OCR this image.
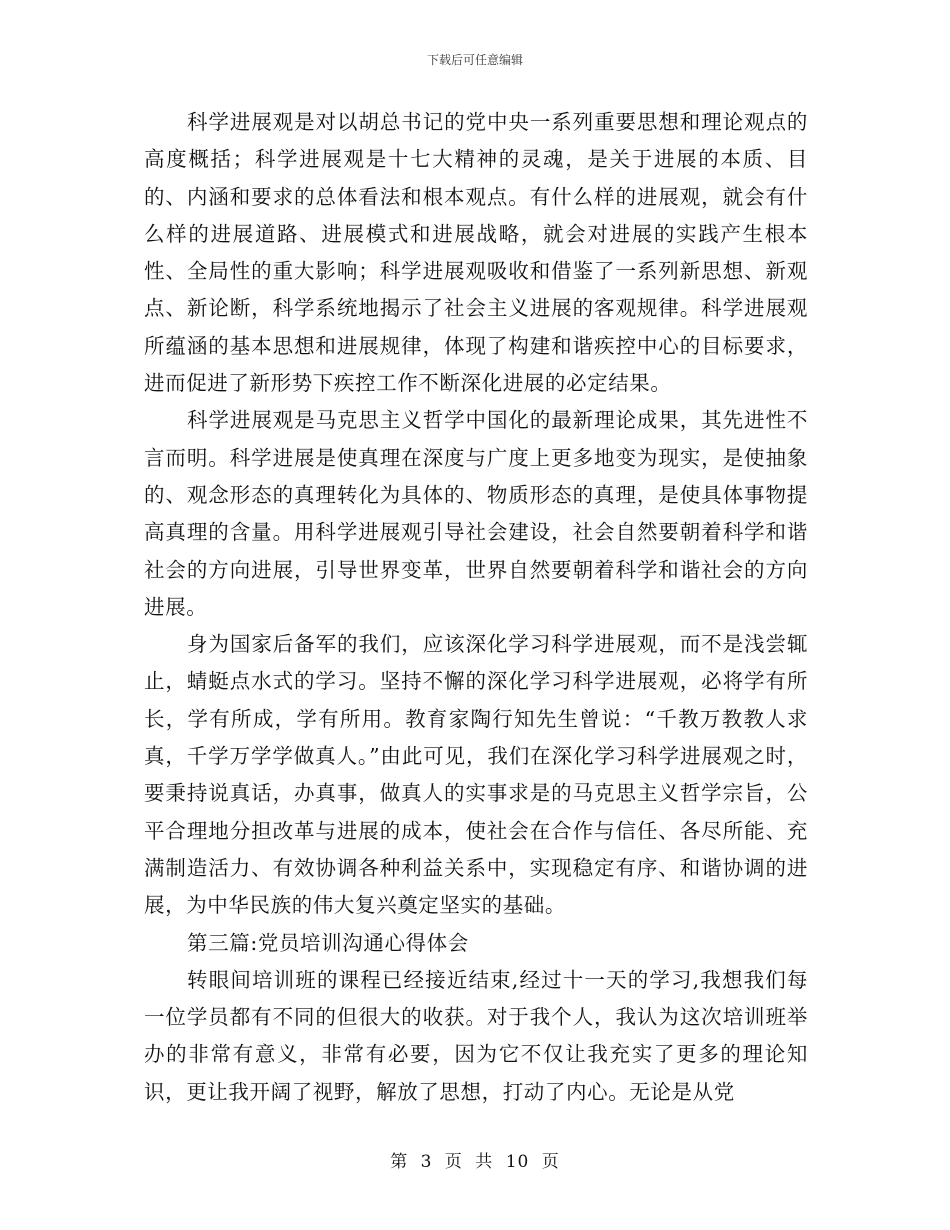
下载后可任意编辑

科学进展观是对以胡总书记的党中央一系列重要思想和理论观点的高度概括；科学进展观是十七大精神的灵魂，是关于进展的本质、目的、内涵和要求的总体看法和根本观点。有什么样的进展观，就会有什么样的进展道路、进展模式和进展战略，就会对进展的实践产生根本性、全局性的重大影响；科学进展观吸收和借鉴了一系列新思想、新观点、新论断，科学系统地揭示了社会主义进展的客观规律。科学进展观所蕴涵的基本思想和进展规律，体现了构建和谐疾控中心的目标要求，进而促进了新形势下疾控工作不断深化进展的必定结果。

科学进展观是马克思主义哲学中国化的最新理论成果，其先进性不言而明。科学进展是使真理在深度与广度上更多地变为现实，是使抽象的、观念形态的真理转化为具体的、物质形态的真理，是使具体事物提高真理的含量。用科学进展观引导社会建设，社会自然要朝着科学和谐社会的方向进展，引导世界变革，世界自然要朝着科学和谐社会的方向进展。

身为国家后备军的我们，应该深化学习科学进展观，而不是浅尝辄止，蜻蜓点水式的学习。坚持不懈的深化学习科学进展观，必将学有所长，学有所成，学有所用。教育家陶行知先生曾说：“千教万教教人求真，千学万学学做真人。”由此可见，我们在深化学习科学进展观之时，要秉持说真话，办真事，做真人的实事求是的马克思主义哲学宗旨，公平合理地分担改革与进展的成本，使社会在合作与信任、各尽所能、充满制造活力、有效协调各种利益关系中，实现稳定有序、和谐协调的进展，为中华民族的伟大复兴奠定坚实的基础。

第三篇:党员培训沟通心得体会

转眼间培训班的课程已经接近结束,经过十一天的学习,我想我们每一位学员都有不同的但很大的收获。对于我个人，我认为这次培训班举办的非常有意义，非常有必要，因为它不仅让我充实了更多的理论知识，更让我开阔了视野，解放了思想，打动了内心。无论是从党

第 3 页 共 10 页
